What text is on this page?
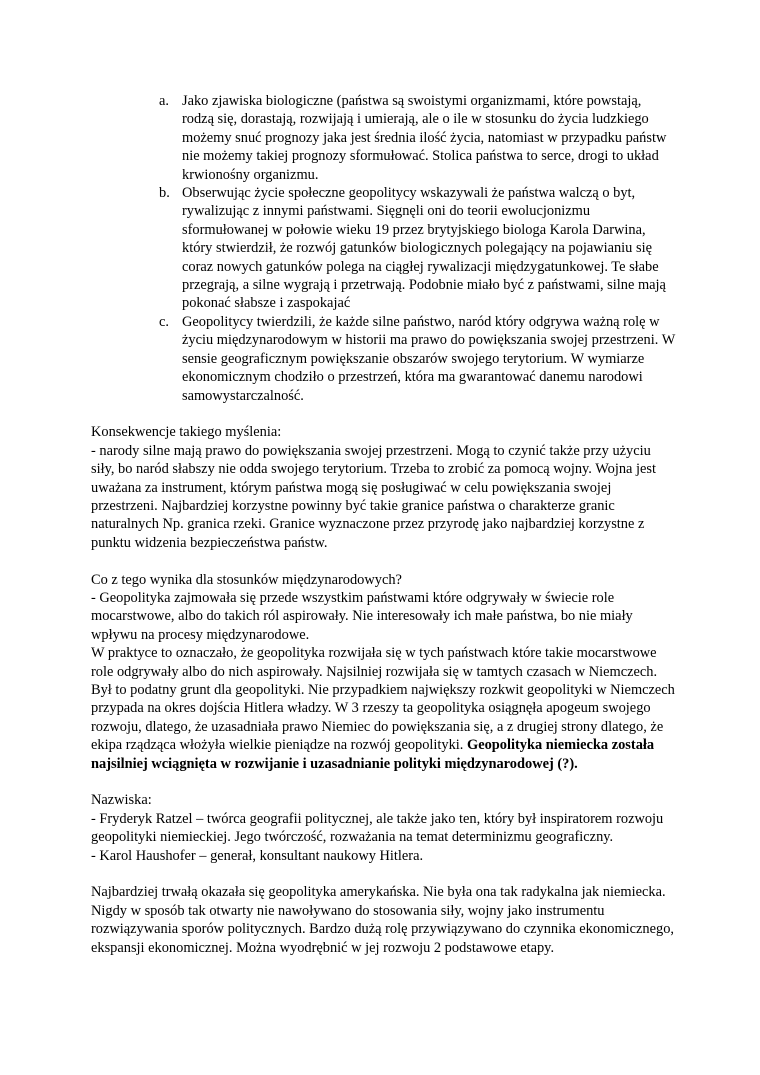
a. Jako zjawiska biologiczne (państwa są swoistymi organizmami, które powstają, rodzą się, dorastają, rozwijają i umierają, ale o ile w stosunku do życia ludzkiego możemy snuć prognozy jaka jest średnia ilość życia, natomiast w przypadku państw nie możemy takiej prognozy sformułować. Stolica państwa to serce, drogi to układ krwionośny organizmu.
b. Obserwując życie społeczne geopolitycy wskazywali że państwa walczą o byt, rywalizując z innymi państwami. Sięgnęli oni do teorii ewolucjonizmu sformułowanej w połowie wieku 19 przez brytyjskiego biologa Karola Darwina, który stwierdził, że rozwój gatunków biologicznych polegający na pojawianiu się coraz nowych gatunków polega na ciągłej rywalizacji międzygatunkowej. Te słabe przegrają, a silne wygrają i przetrwają. Podobnie miało być z państwami, silne mają pokonać słabsze i zaspokajać
c. Geopolitycy twierdzili, że każde silne państwo, naród który odgrywa ważną rolę w życiu międzynarodowym w historii ma prawo do powiększania swojej przestrzeni. W sensie geograficznym powiększanie obszarów swojego terytorium. W wymiarze ekonomicznym chodziło o przestrzeń, która ma gwarantować danemu narodowi samowystarczalność.

Konsekwencje takiego myślenia:

- narody silne mają prawo do powiększania swojej przestrzeni. Mogą to czynić także przy użyciu siły, bo naród słabszy nie odda swojego terytorium. Trzeba to zrobić za pomocą wojny. Wojna jest uważana za instrument, którym państwa mogą się posługiwać w celu powiększania swojej przestrzeni. Najbardziej korzystne powinny być takie granice państwa o charakterze granic naturalnych Np. granica rzeki. Granice wyznaczone przez przyrodę jako najbardziej korzystne z punktu widzenia bezpieczeństwa państw.

Co z tego wynika dla stosunków międzynarodowych?

- Geopolityka zajmowała się przede wszystkim państwami które odgrywały w świecie role mocarstwowe, albo do takich ról aspirowały. Nie interesowały ich małe państwa, bo nie miały wpływu na procesy międzynarodowe.

W praktyce to oznaczało, że geopolityka rozwijała się w tych państwach które takie mocarstwowe role odgrywały albo do nich aspirowały. Najsilniej rozwijała się w tamtych czasach w Niemczech. Był to podatny grunt dla geopolityki. Nie przypadkiem największy rozkwit geopolityki w Niemczech przypada na okres dojścia Hitlera władzy. W 3 rzeszy ta geopolityka osiągnęła apogeum swojego rozwoju, dlatego, że uzasadniała prawo Niemiec do powiększania się, a z drugiej strony dlatego, że ekipa rządząca włożyła wielkie pieniądze na rozwój geopolityki. Geopolityka niemiecka została najsilniej wciągnięta w rozwijanie i uzasadnianie polityki międzynarodowej (?).

Nazwiska:

- Fryderyk Ratzel – twórca geografii politycznej, ale także jako ten, który był inspiratorem rozwoju geopolityki niemieckiej. Jego twórczość, rozważania na temat determinizmu geograficzny.

- Karol Haushofer – generał, konsultant naukowy Hitlera.

Najbardziej trwałą okazała się geopolityka amerykańska. Nie była ona tak radykalna jak niemiecka. Nigdy w sposób tak otwarty nie nawoływano do stosowania siły, wojny jako instrumentu rozwiązywania sporów politycznych. Bardzo dużą rolę przywiązywano do czynnika ekonomicznego, ekspansji ekonomicznej. Można wyodrębnić w jej rozwoju 2 podstawowe etapy.
